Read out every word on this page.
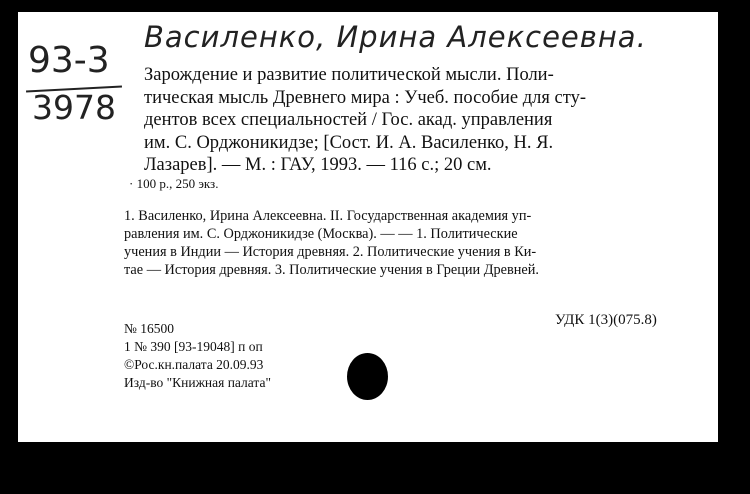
Василенко, Ирина Алексеевна.
93-3
3978
Зарождение и развитие политической мысли. Поли-
тическая мысль Древнего мира : Учеб. пособие для сту-
дентов всех специальностей / Гос. акад. управления
им. С. Орджоникидзе; [Сост. И. А. Василенко, Н. Я.
Лазарев]. — М. : ГАУ, 1993. — 116 с.; 20 см.
· 100 р., 250 экз.
1. Василенко, Ирина Алексеевна. II. Государственная академия уп-
равления им. С. Орджоникидзе (Москва). — — 1. Политические
учения в Индии — История древняя. 2. Политические учения в Ки-
тае — История древняя. 3. Политические учения в Греции Древней.
УДК 1(3)(075.8)
№ 16500
1 № 390 [93-19048] п оп
©Рос.кн.палата 20.09.93
Изд-во "Книжная палата"
